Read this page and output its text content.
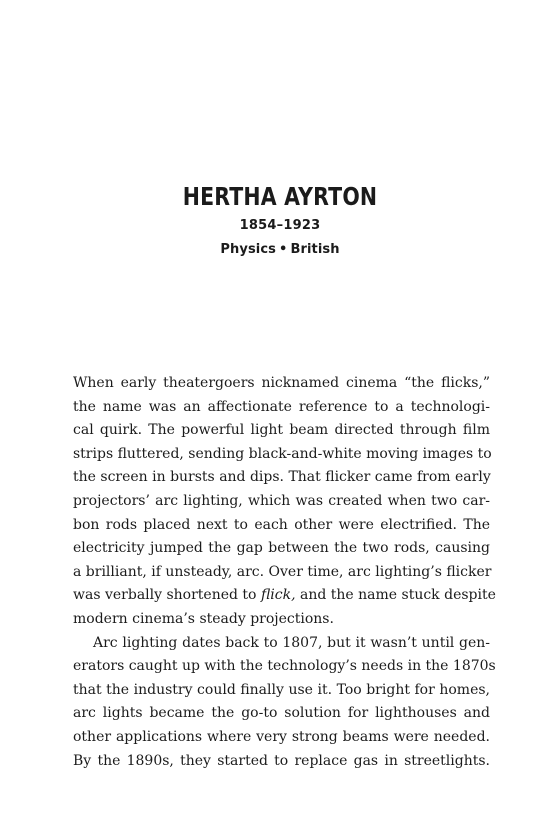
HERTHA AYRTON
1854–1923
Physics • British
When early theatergoers nicknamed cinema “the flicks,”
the name was an affectionate reference to a technologi-
cal quirk. The powerful light beam directed through film
strips fluttered, sending black-and-white moving images to
the screen in bursts and dips. That flicker came from early
projectors’ arc lighting, which was created when two car-
bon rods placed next to each other were electrified. The
electricity jumped the gap between the two rods, causing
a brilliant, if unsteady, arc. Over time, arc lighting’s flicker
was verbally shortened to flick, and the name stuck despite
modern cinema’s steady projections.
Arc lighting dates back to 1807, but it wasn’t until gen-
erators caught up with the technology’s needs in the 1870s
that the industry could finally use it. Too bright for homes,
arc lights became the go-to solution for lighthouses and
other applications where very strong beams were needed.
By the 1890s, they started to replace gas in streetlights.
